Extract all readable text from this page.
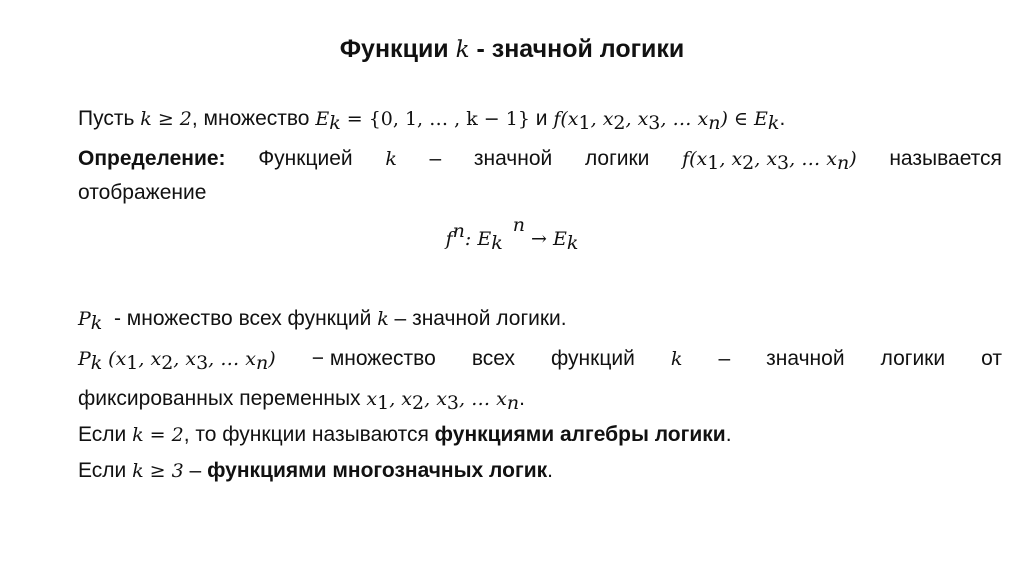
Функции k - значной логики
Пусть k ≥ 2, множество $E_k = \{0$, 1, … , k − 1} и $f(x_1$, $x_2$, $x_3$, … $x_n$) ∈ $E_k$.
Определение: Функцией k – значной логики $f(x_1$, $x_2$, $x_3$, … $x_n$) называется
отображение
$f^n$: $E_k^n \to E_k$
$P_k$  - множество всех функций k – значной логики.
$P_k$ ($x_1$, $x_2$, $x_3$, … $x_n$) − множество всех функций k – значной логики от
фиксированных переменных $x_1$, $x_2$, $x_3$, … $x_n$.
Если k = 2, то функции называются функциями алгебры логики.
Если k ≥ 3 – функциями многозначных логик.
